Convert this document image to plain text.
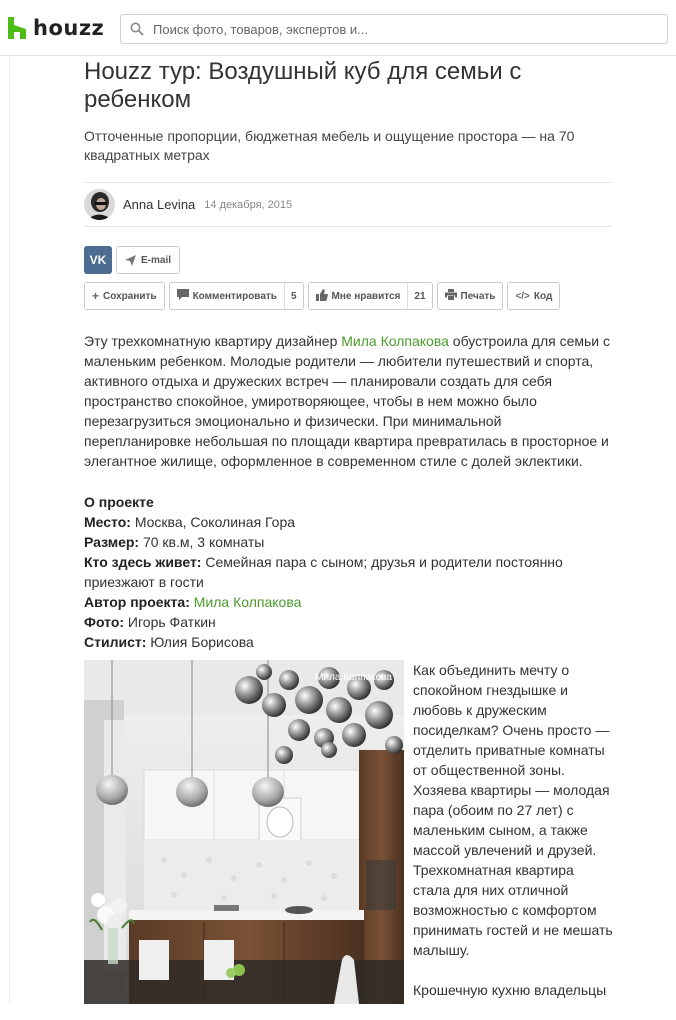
houzz
Поиск фото, товаров, экспертов и...
Houzz тур: Воздушный куб для семьи с ребенком
Отточенные пропорции, бюджетная мебель и ощущение простора — на 70 квадратных метрах
Anna Levina 14 декабря, 2015
VK	E-mail
+ Сохранить	Комментировать	5	Мне нравится	21	Печать </> Код

Эту трехкомнатную квартиру дизайнер Мила Колпакова обустроила для семьи с маленьким ребенком. Молодые родители — любители путешествий и спорта, активного отдыха и дружеских встреч — планировали создать для себя пространство спокойное, умиротворяющее, чтобы в нем можно было перезагрузиться эмоционально и физически. При минимальной перепланировке небольшая по площади квартира превратилась в просторное и элегантное жилище, оформленное в современном стиле с долей эклектики.

О проекте
Место: Москва, Соколиная Гора
Размер: 70 кв.м, 3 комнаты
Кто здесь живет: Семейная пара с сыном; друзья и родители постоянно приезжают в гости
Автор проекта: Мила Колпакова
Фото: Игорь Фаткин
Стилист: Юлия Борисова
Мила Колпакова Как объединить мечту о спокойном гнездышке и любовь к дружеским посиделкам? Очень просто — отделить приватные комнаты от общественной зоны. Хозяева квартиры — молодая пара (обоим по 27 лет) с маленьким сыном, а также массой увлечений и друзей. Трехкомнатная квартира стала для них отличной возможностью с комфортом принимать гостей и не мешать малышу.

Крошечную кухню владельцы
